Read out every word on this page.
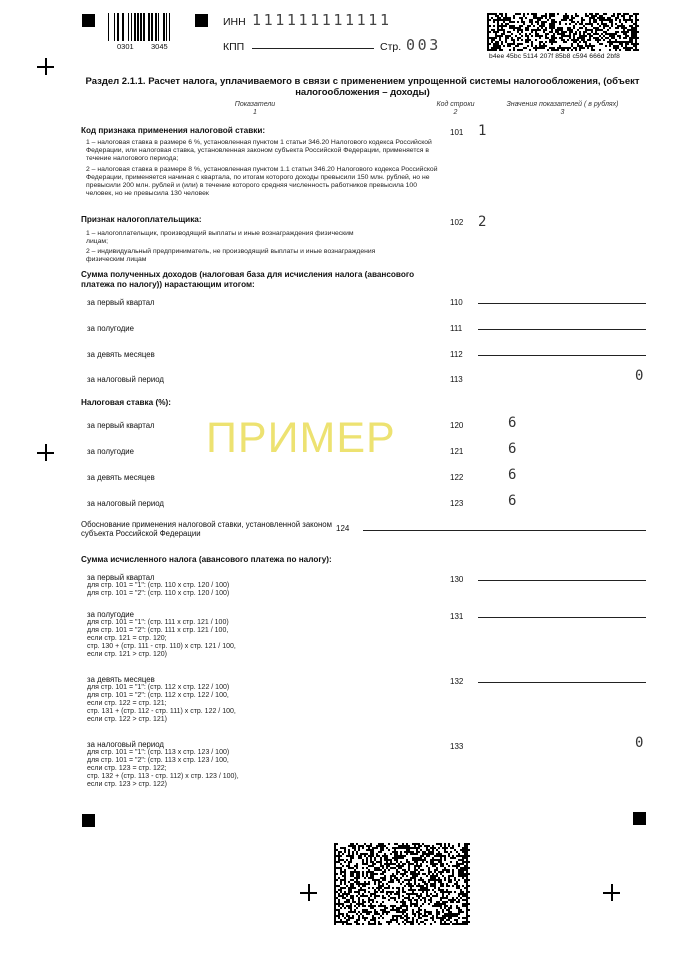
0301 3045
ИНН 111111111111
КПП	Стр. 003
b4ee 45bc 5114 207f 85b8 c594 666d 2bf8
Раздел 2.1.1. Расчет налога, уплачиваемого в связи с применением упрощенной системы налогообложения, (объект налогообложения – доходы)
Показатели
1
Код строки
2
Значения показателей ( в рублях)
3
Код признака применения налоговой ставки:
1 – налоговая ставка в размере 6 %, установленная пунктом 1 статьи 346.20 Налогового кодекса Российской Федерации, или налоговая ставка, установленная законом субъекта Российской Федерации, применяется в течение налогового периода;
2 – налоговая ставка в размере 8 %, установленная пунктом 1.1 статьи 346.20 Налогового кодекса Российской Федерации, применяется начиная с квартала, по итогам которого доходы превысили 150 млн. рублей, но не превысили 200 млн. рублей и (или) в течение которого средняя численность работников превысила 100 человек, но не превысила 130 человек
101 1
Признак налогоплательщика:
1 – налогоплательщик, производящий выплаты и иные вознаграждения физическим лицам;
2 – индивидуальный предприниматель, не производящий выплаты и иные вознаграждения физическим лицам
102 2
Сумма полученных доходов (налоговая база для исчисления налога (авансового платежа по налогу)) нарастающим итогом:
за первый квартал	110
за полугодие	111
за девять месяцев	112
за налоговый период	113	0
Налоговая ставка (%):
за первый квартал	120	6
за полугодие	121	6
за девять месяцев	122	6
за налоговый период	123	6
ПРИМЕР
Обоснование применения налоговой ставки, установленной законом субъекта Российской Федерации
124
Сумма исчисленного налога (авансового платежа по налогу):
за первый квартал
для стр. 101 = "1": (стр. 110 х стр. 120 / 100)
для стр. 101 = "2": (стр. 110 х стр. 120 / 100)
130
за полугодие
для стр. 101 = "1": (стр. 111 х стр. 121 / 100)
для стр. 101 = "2": (стр. 111 х стр. 121 / 100,
если стр. 121 = стр. 120;
стр. 130 + (стр. 111 - стр. 110) х стр. 121 / 100,
если стр. 121 > стр. 120)
131
за девять месяцев
для стр. 101 = "1": (стр. 112 х стр. 122 / 100)
для стр. 101 = "2": (стр. 112 х стр. 122 / 100,
если стр. 122 = стр. 121;
стр. 131 + (стр. 112 - стр. 111) х стр. 122 / 100,
если стр. 122 > стр. 121)
132
за налоговый период
для стр. 101 = "1": (стр. 113 х стр. 123 / 100)
для стр. 101 = "2": (стр. 113 х стр. 123 / 100,
если стр. 123 = стр. 122;
стр. 132 + (стр. 113 - стр. 112) х стр. 123 / 100),
если стр. 123 > стр. 122)
133	0
